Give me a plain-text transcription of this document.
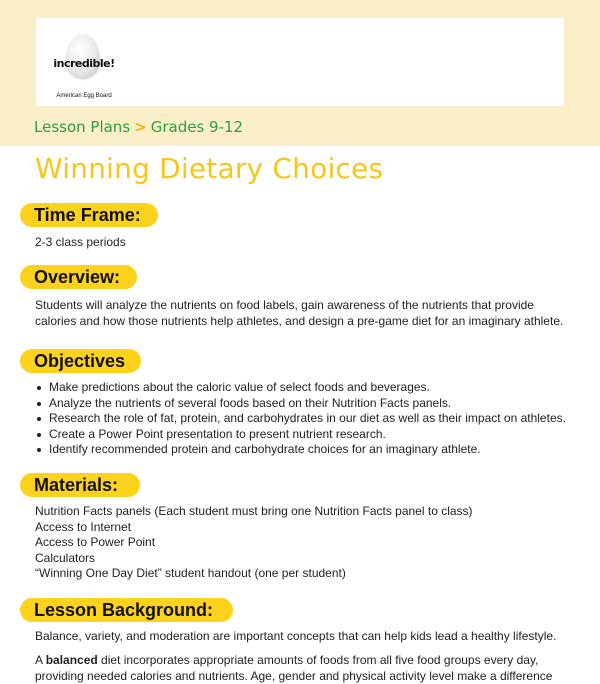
incredible!
American Egg Board
Lesson Plans > Grades 9-12
Winning Dietary Choices
Time Frame:
2-3 class periods
Overview:
Students will analyze the nutrients on food labels, gain awareness of the nutrients that provide calories and how those nutrients help athletes, and design a pre-game diet for an imaginary athlete.
Objectives
Make predictions about the caloric value of select foods and beverages.
Analyze the nutrients of several foods based on their Nutrition Facts panels.
Research the role of fat, protein, and carbohydrates in our diet as well as their impact on athletes.
Create a Power Point presentation to present nutrient research.
Identify recommended protein and carbohydrate choices for an imaginary athlete.
Materials:
Nutrition Facts panels (Each student must bring one Nutrition Facts panel to class)
Access to Internet
Access to Power Point
Calculators
“Winning One Day Diet” student handout (one per student)
Lesson Background:
Balance, variety, and moderation are important concepts that can help kids lead a healthy lifestyle.
A balanced diet incorporates appropriate amounts of foods from all five food groups every day,
providing needed calories and nutrients. Age, gender and physical activity level make a difference
